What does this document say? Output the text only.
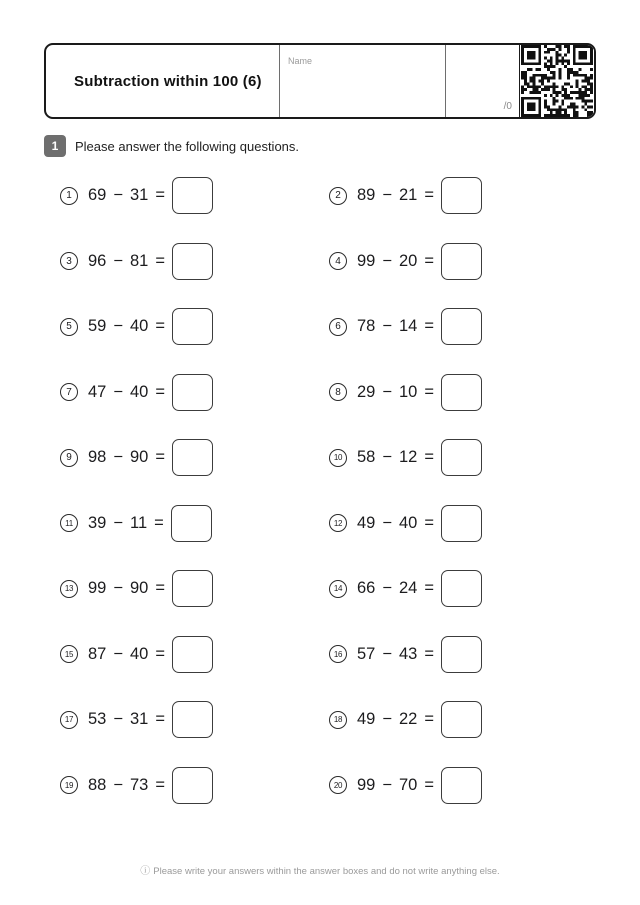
Subtraction within 100 (6)
Name
/0
1	Please answer the following questions.
1 69 − 31 =	2 89 − 21 =
3 96 − 81 =	4 99 − 20 =
5 59 − 40 =	6 78 − 14 =
7 47 − 40 =	8 29 − 10 =
9 98 − 90 =	10 58 − 12 =
11 39 − 11 =	12 49 − 40 =
13 99 − 90 =	14 66 − 24 =
15 87 − 40 =	16 57 − 43 =
17 53 − 31 =	18 49 − 22 =
19 88 − 73 =	20 99 − 70 =
ⓘ Please write your answers within the answer boxes and do not write anything else.
